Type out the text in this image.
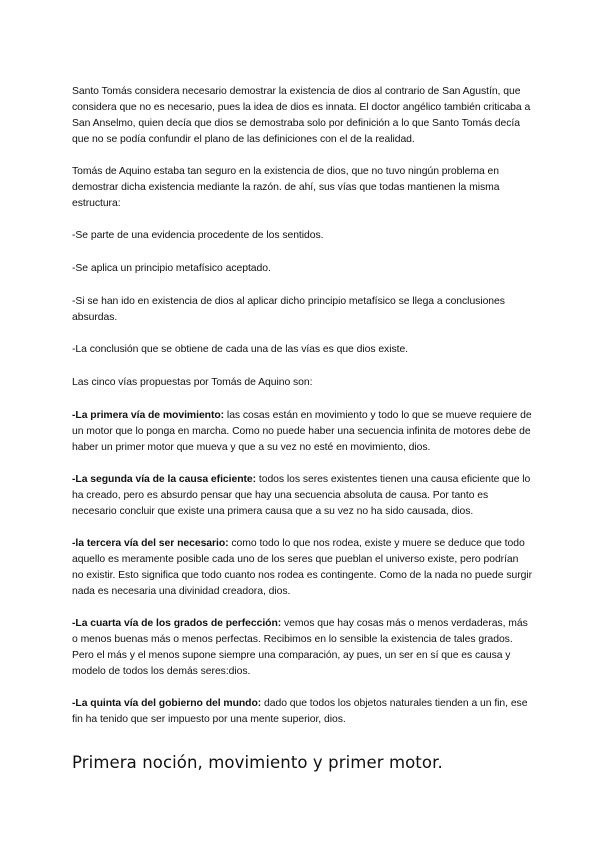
Santo Tomás considera necesario demostrar la existencia de dios al contrario de San Agustín, que considera que no es necesario, pues la idea de dios es innata. El doctor angélico también criticaba a San Anselmo, quien decía que dios se demostraba solo por definición a lo que Santo Tomás decía que no se podía confundir el plano de las definiciones con el de la realidad.

Tomás de Aquino estaba tan seguro en la existencia de dios, que no tuvo ningún problema en demostrar dicha existencia mediante la razón. de ahí, sus vías que todas mantienen la misma estructura:

-Se parte de una evidencia procedente de los sentidos.

-Se aplica un principio metafísico aceptado.

-Si se han ido en existencia de dios al aplicar dicho principio metafísico se llega a conclusiones absurdas.

-La conclusión que se obtiene de cada una de las vías es que dios existe.

Las cinco vías propuestas por Tomás de Aquino son:

-La primera vía de movimiento: las cosas están en movimiento y todo lo que se mueve requiere de un motor que lo ponga en marcha. Como no puede haber una secuencia infinita de motores debe de haber un primer motor que mueva y que a su vez no esté en movimiento, dios.

-La segunda vía de la causa eficiente: todos los seres existentes tienen una causa eficiente que lo ha creado, pero es absurdo pensar que hay una secuencia absoluta de causa. Por tanto es necesario concluir que existe una primera causa que a su vez no ha sido causada, dios.

-la tercera vía del ser necesario: como todo lo que nos rodea, existe y muere se deduce que todo aquello es meramente posible cada uno de los seres que pueblan el universo existe, pero podrían no existir. Esto significa que todo cuanto nos rodea es contingente. Como de la nada no puede surgir nada es necesaria una divinidad creadora, dios.

-La cuarta vía de los grados de perfección: vemos que hay cosas más o menos verdaderas, más o menos buenas más o menos perfectas. Recibimos en lo sensible la existencia de tales grados. Pero el más y el menos supone siempre una comparación, ay pues, un ser en sí que es causa y modelo de todos los demás seres:dios.

-La quinta vía del gobierno del mundo: dado que todos los objetos naturales tienden a un fin, ese fin ha tenido que ser impuesto por una mente superior, dios.

Primera noción, movimiento y primer motor.
